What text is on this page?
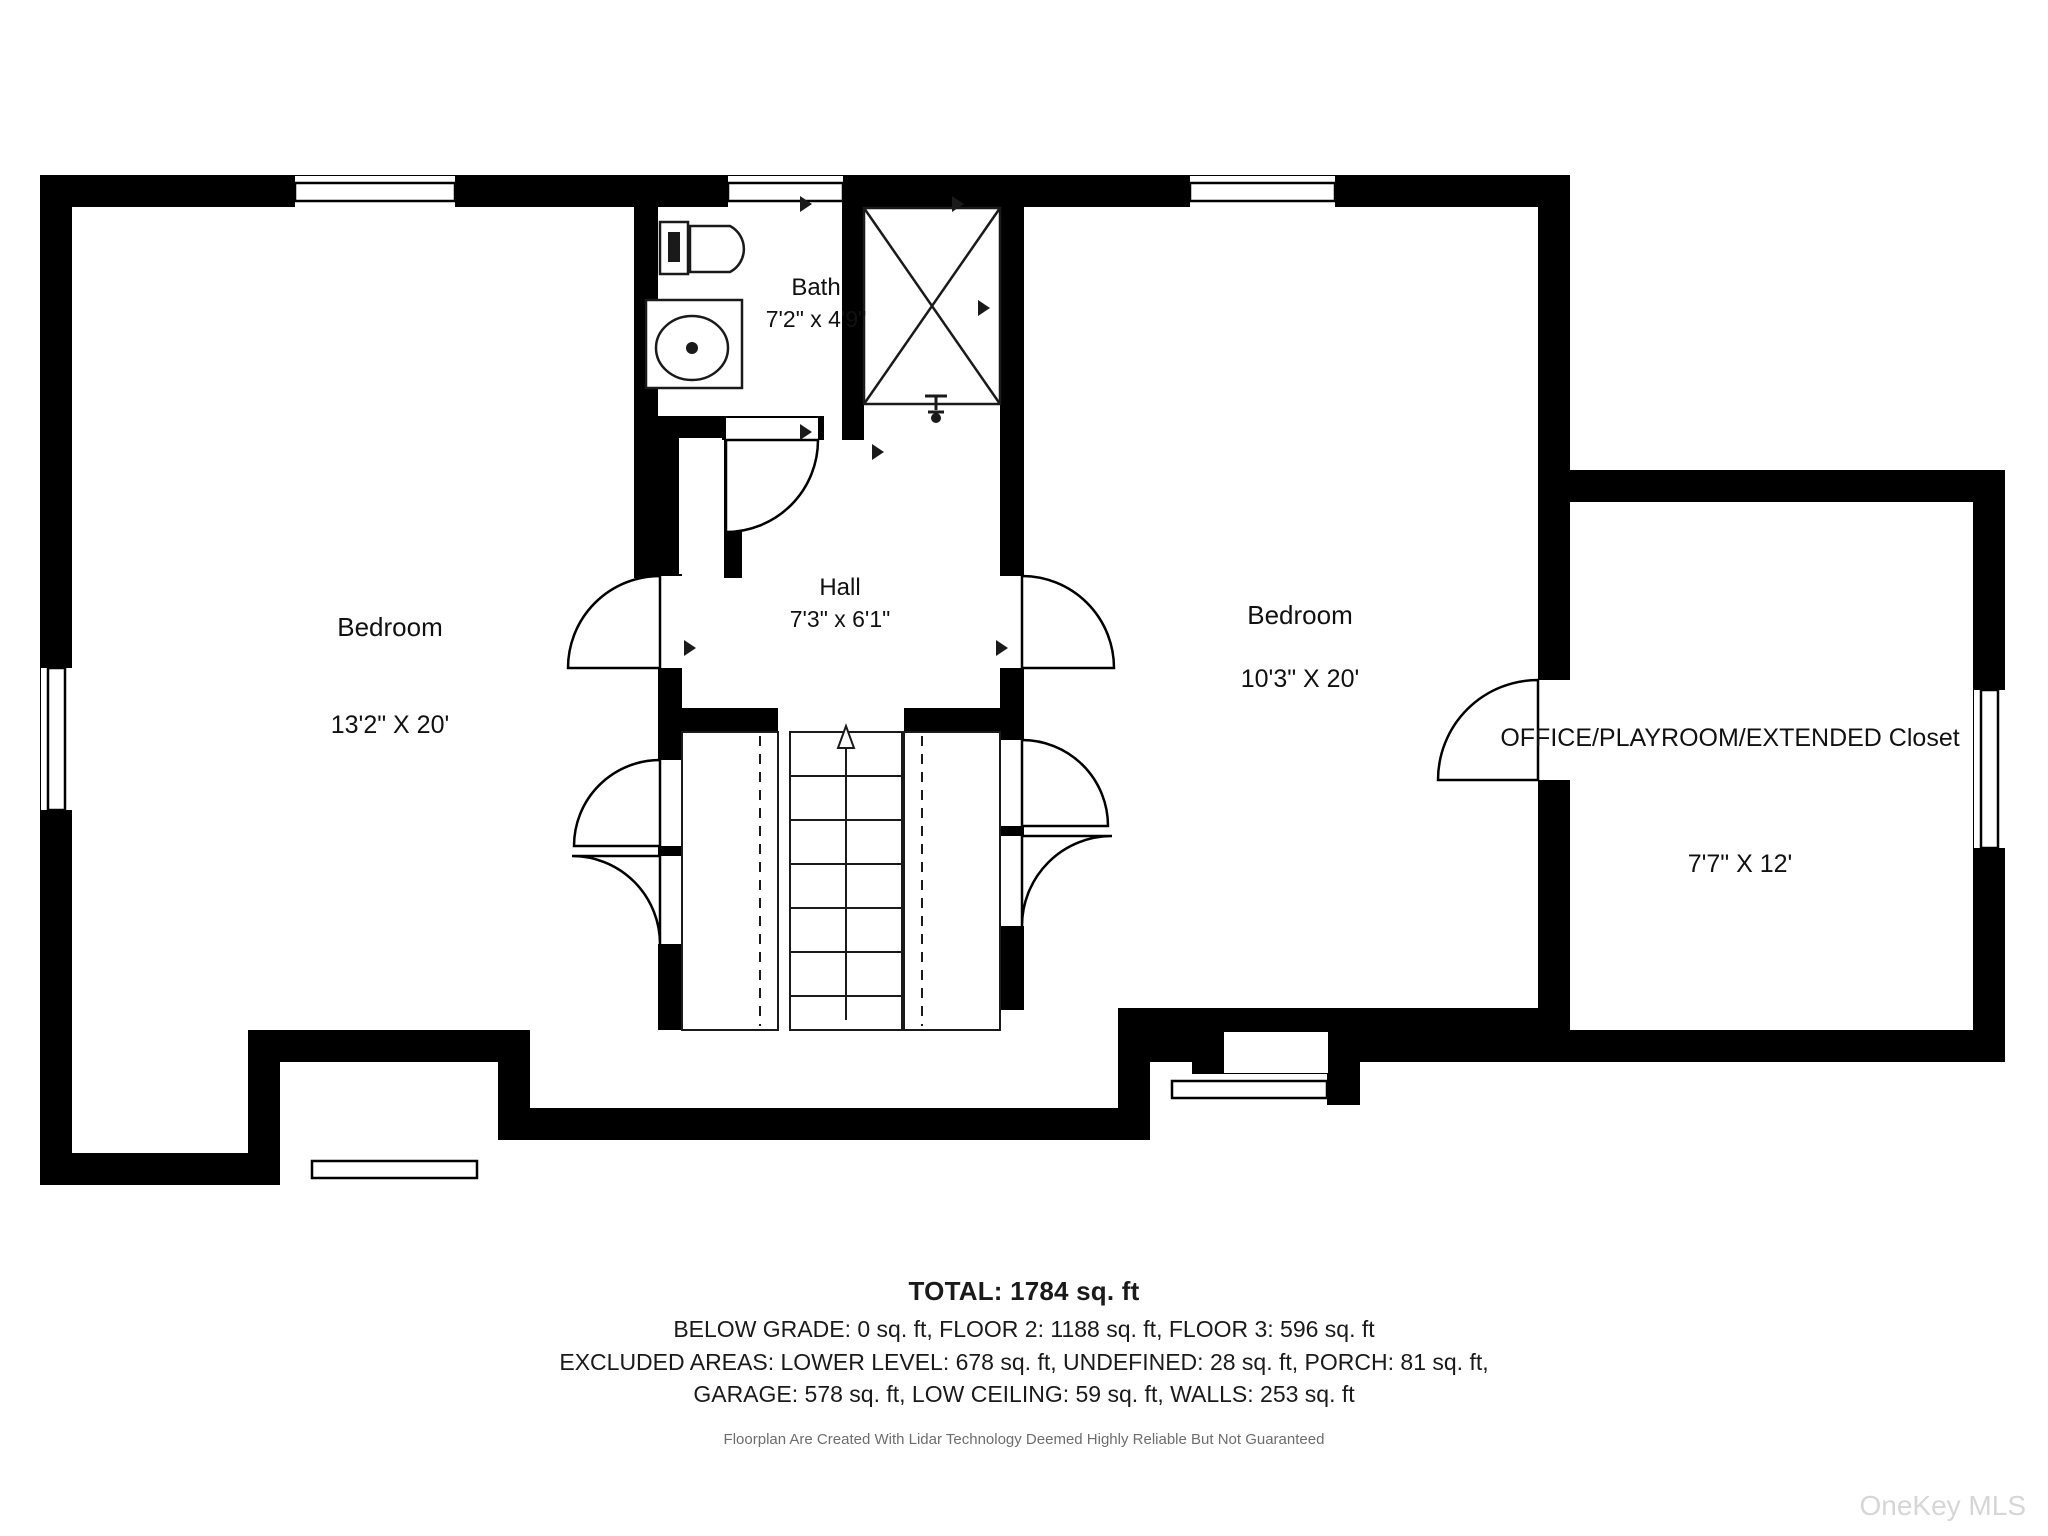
Bath
7'2" x 4'9"
Hall
7'3" x 6'1"
Bedroom
13'2" X 20'
Bedroom
10'3" X 20'
OFFICE/PLAYROOM/EXTENDED Closet
7'7" X 12'
TOTAL: 1784 sq. ft
BELOW GRADE: 0 sq. ft, FLOOR 2: 1188 sq. ft, FLOOR 3: 596 sq. ft
EXCLUDED AREAS: LOWER LEVEL: 678 sq. ft, UNDEFINED: 28 sq. ft, PORCH: 81 sq. ft,
GARAGE: 578 sq. ft, LOW CEILING: 59 sq. ft, WALLS: 253 sq. ft
Floorplan Are Created With Lidar Technology Deemed Highly Reliable But Not Guaranteed
OneKey MLS
